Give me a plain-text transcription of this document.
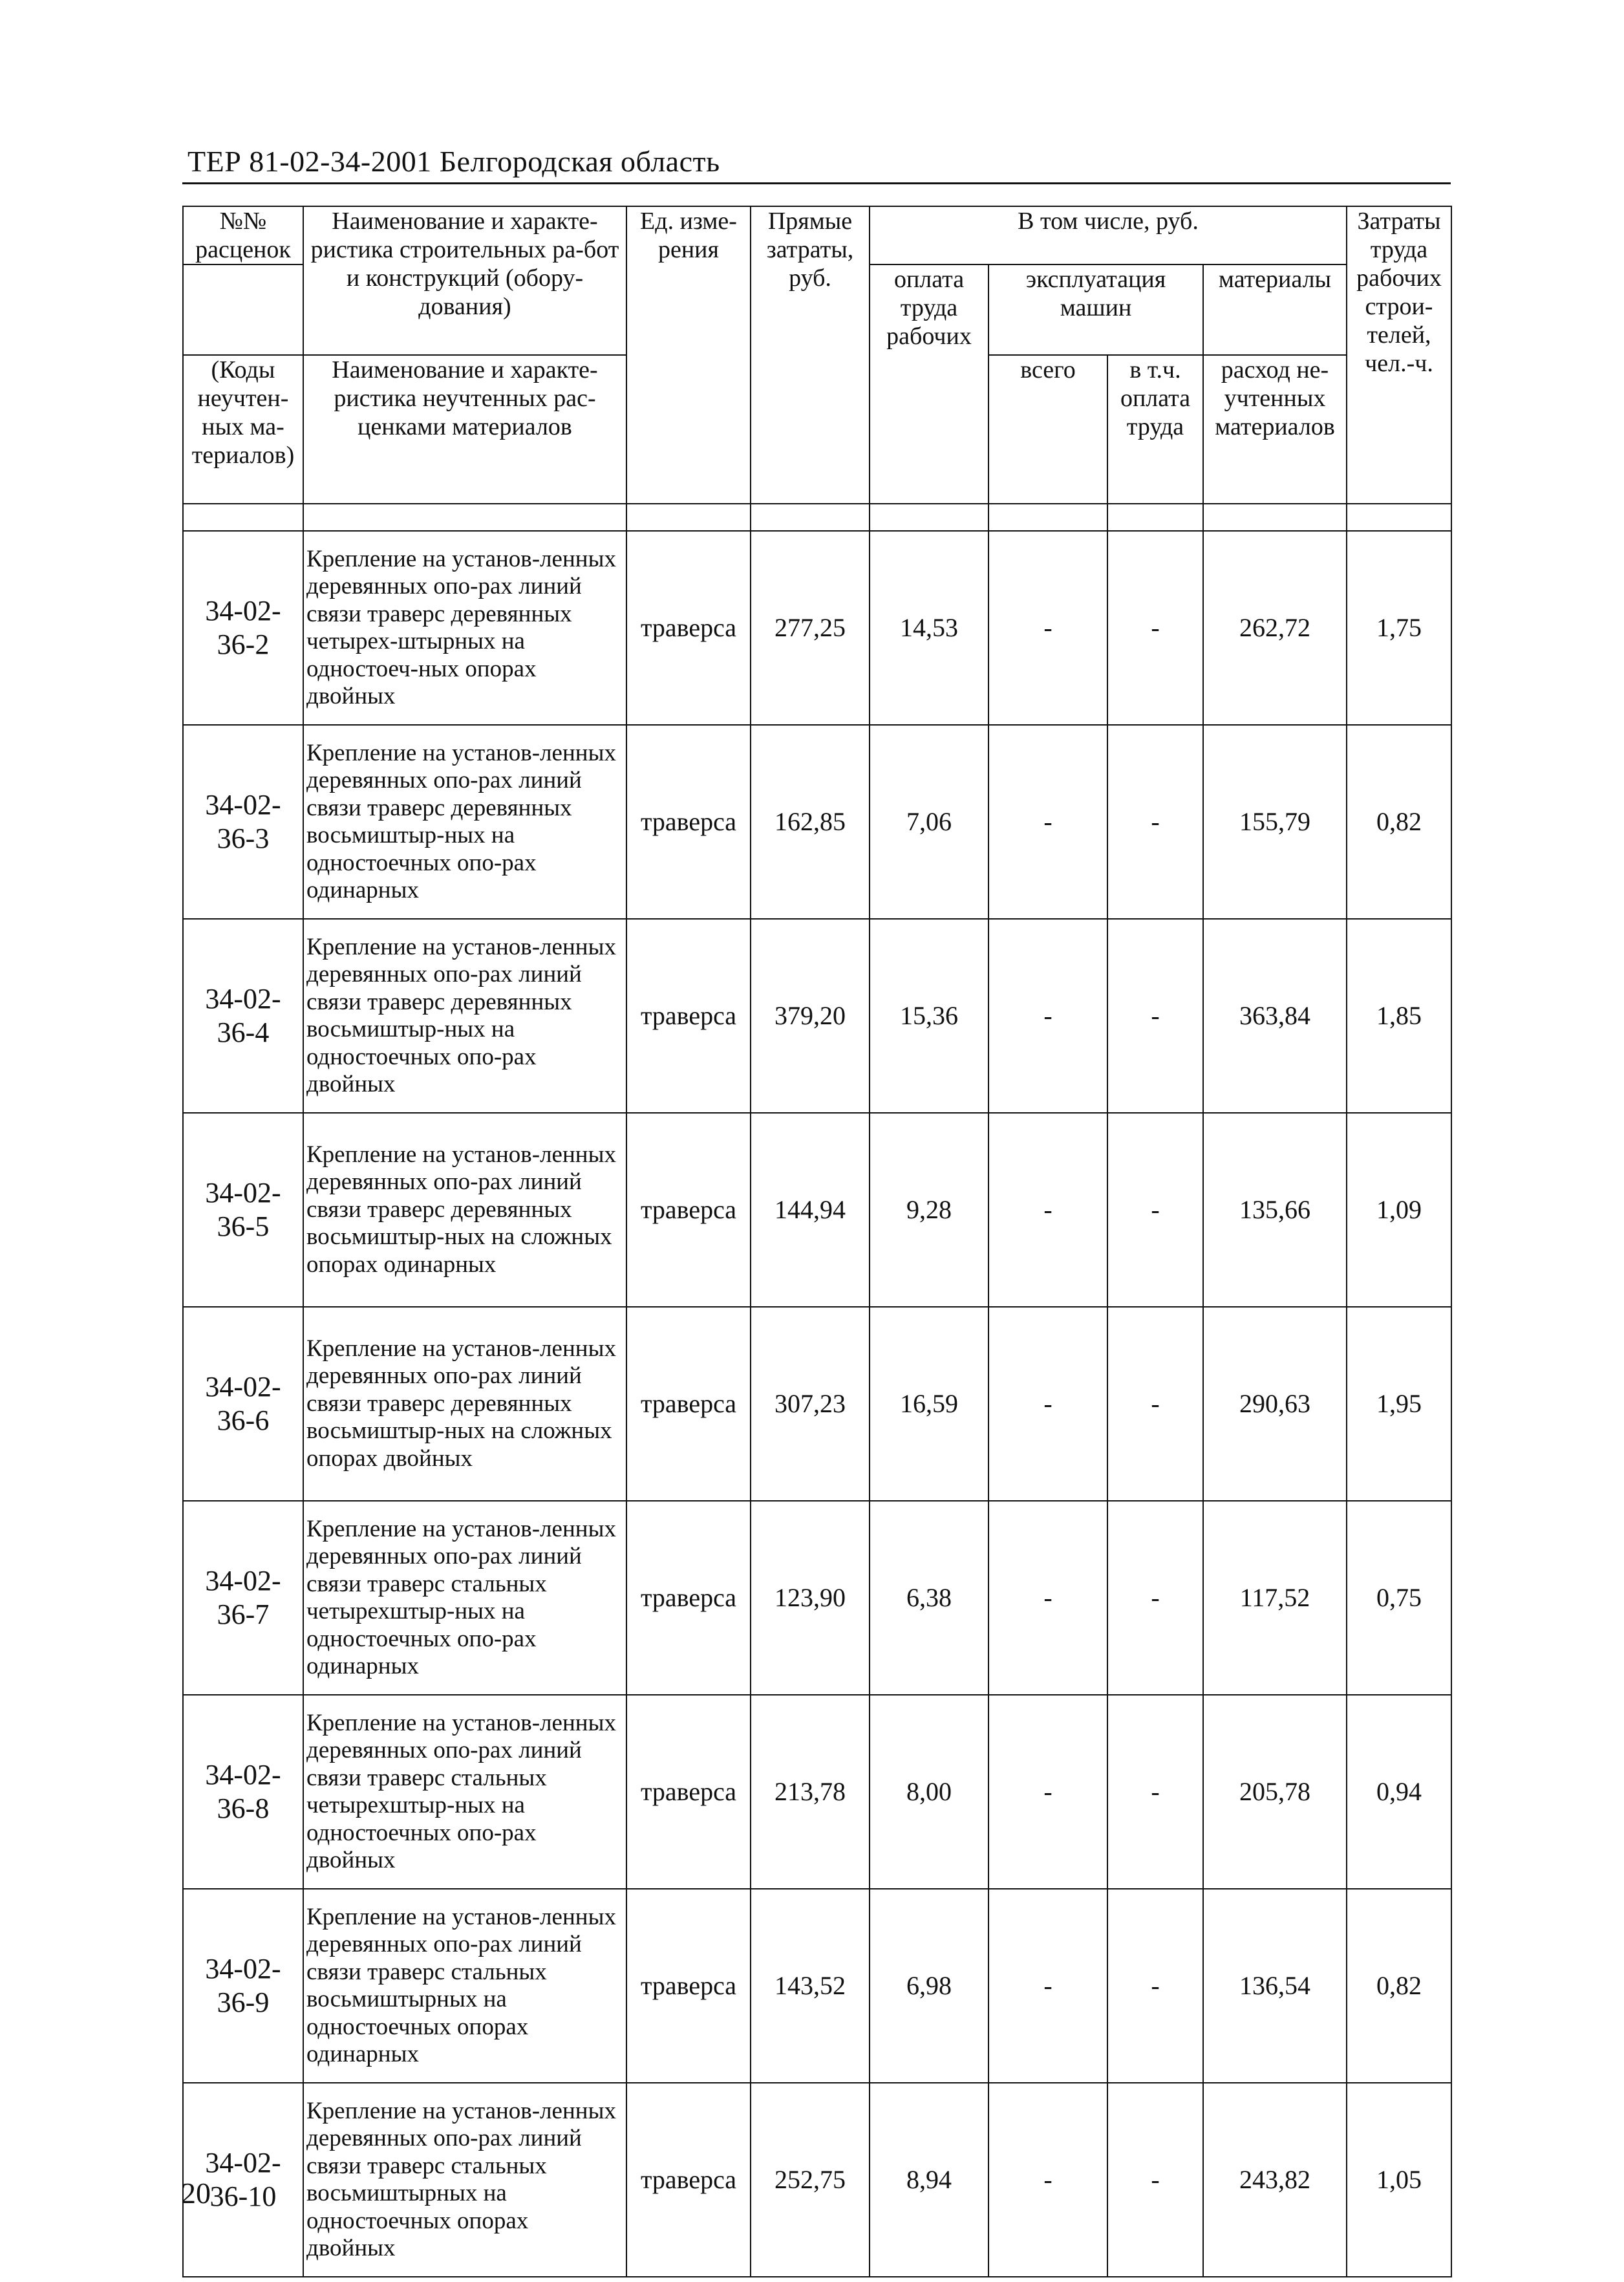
ТЕР 81-02-34-2001 Белгородская область
№№ расценок	Наименование и характе-ристика строительных ра-бот и конструкций (обору-дования)	Ед. изме-рения	Прямые затраты, руб.	В том числе, руб.				Затраты труда рабочих строи-телей, чел.-ч.
				оплата труда рабочих	эксплуатация машин		материалы	

(Коды неучтен-ных ма-териалов)	Наименование и характе-ристика неучтенных рас-ценками материалов				всего	в т.ч. оплата труда	расход не-учтенных материалов	

34-02-36-2	Крепление на установ-ленных деревянных опо-рах линий связи траверс деревянных четырех-штырных на одностоеч-ных опорах двойных	траверса	277,25	14,53	-	-	262,72	1,75
34-02-36-3	Крепление на установ-ленных деревянных опо-рах линий связи траверс деревянных восьмиштыр-ных на одностоечных опо-рах одинарных	траверса	162,85	7,06	-	-	155,79	0,82
34-02-36-4	Крепление на установ-ленных деревянных опо-рах линий связи траверс деревянных восьмиштыр-ных на одностоечных опо-рах двойных	траверса	379,20	15,36	-	-	363,84	1,85
34-02-36-5	Крепление на установ-ленных деревянных опо-рах линий связи траверс деревянных восьмиштыр-ных на сложных опорах одинарных	траверса	144,94	9,28	-	-	135,66	1,09
34-02-36-6	Крепление на установ-ленных деревянных опо-рах линий связи траверс деревянных восьмиштыр-ных на сложных опорах двойных	траверса	307,23	16,59	-	-	290,63	1,95
34-02-36-7	Крепление на установ-ленных деревянных опо-рах линий связи траверс стальных четырехштыр-ных на одностоечных опо-рах одинарных	траверса	123,90	6,38	-	-	117,52	0,75
34-02-36-8	Крепление на установ-ленных деревянных опо-рах линий связи траверс стальных четырехштыр-ных на одностоечных опо-рах двойных	траверса	213,78	8,00	-	-	205,78	0,94
34-02-36-9	Крепление на установ-ленных деревянных опо-рах линий связи траверс стальных восьмиштырных на одностоечных опорах одинарных	траверса	143,52	6,98	-	-	136,54	0,82
34-02-36-10	Крепление на установ-ленных деревянных опо-рах линий связи траверс стальных восьмиштырных на одностоечных опорах двойных	траверса	252,75	8,94	-	-	243,82	1,05
20
